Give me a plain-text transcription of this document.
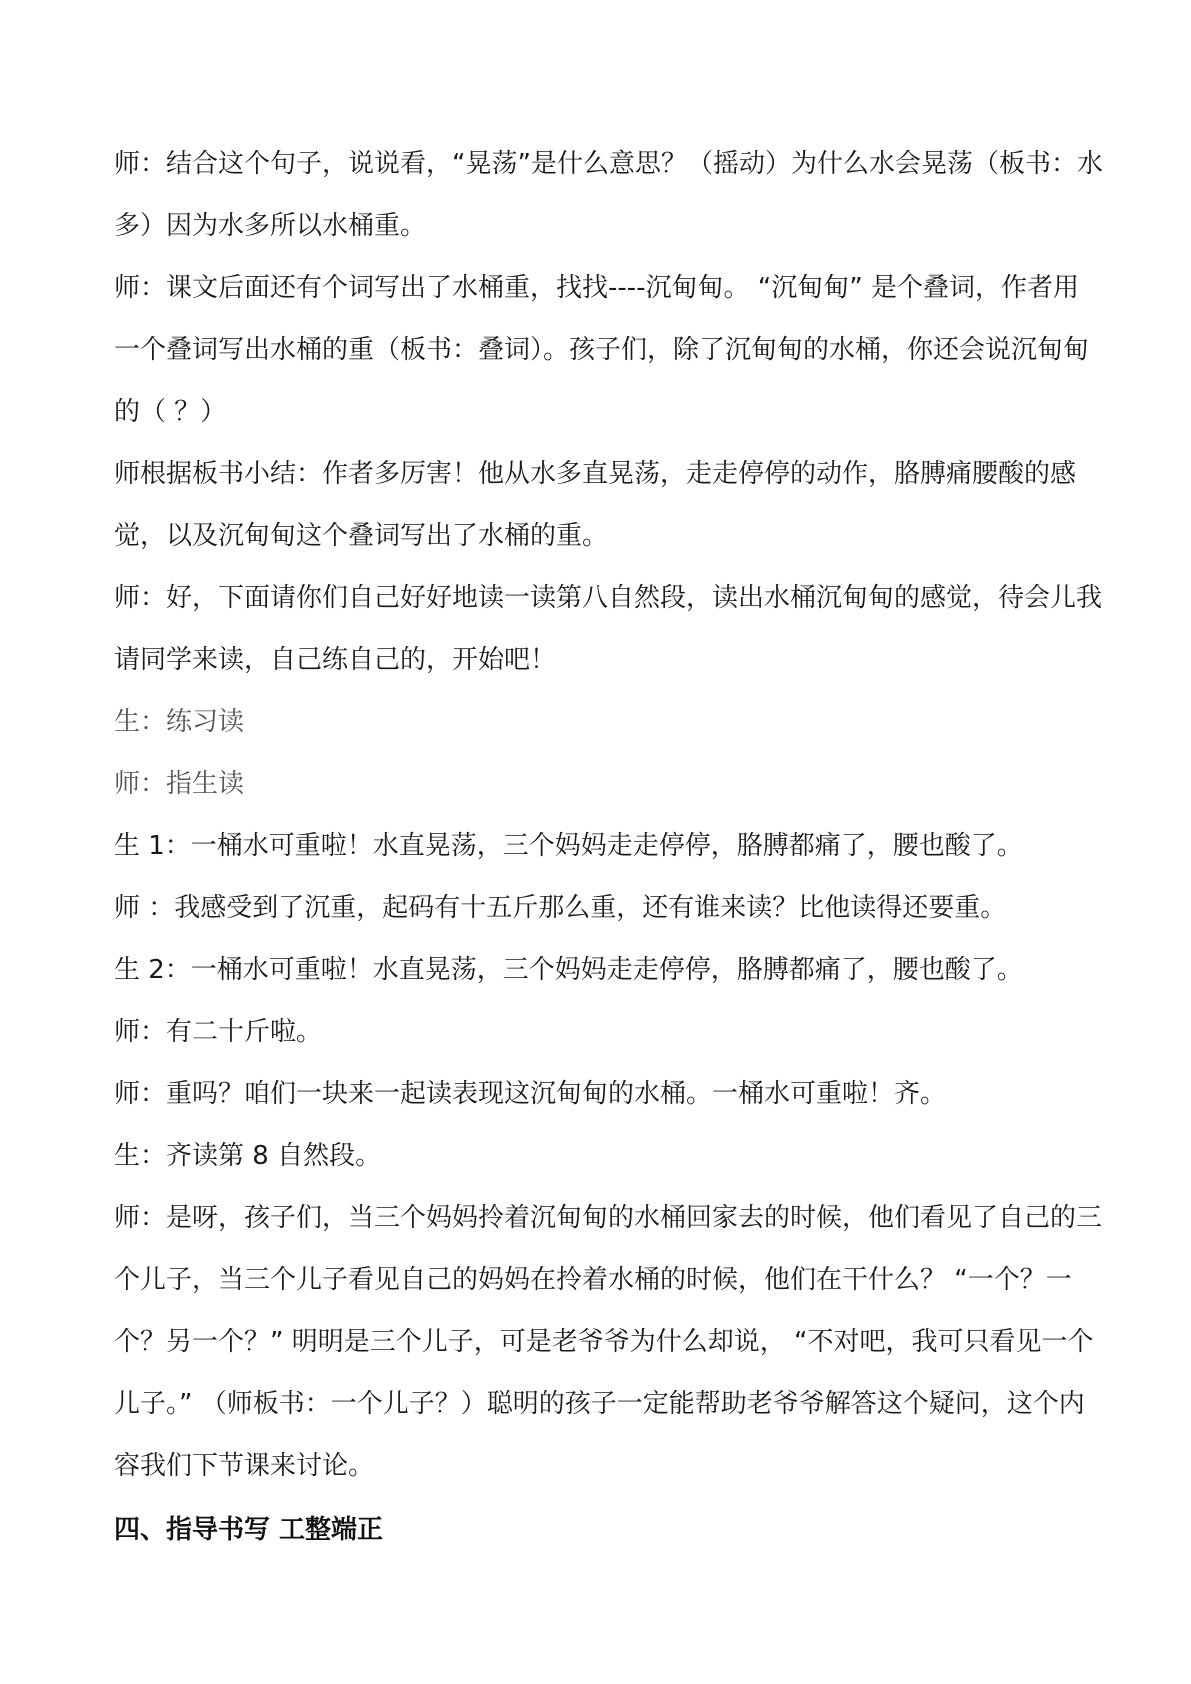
师：结合这个句子，说说看，“晃荡”是什么意思？（摇动）为什么水会晃荡（板书：水多）因为水多所以水桶重。

师：课文后面还有个词写出了水桶重，找找----沉甸甸。 “沉甸甸” 是个叠词，作者用一个叠词写出水桶的重（板书：叠词）。孩子们，除了沉甸甸的水桶，你还会说沉甸甸的（ ？）

师根据板书小结：作者多厉害！他从水多直晃荡，走走停停的动作，胳膊痛腰酸的感觉，以及沉甸甸这个叠词写出了水桶的重。

师：好，下面请你们自己好好地读一读第八自然段，读出水桶沉甸甸的感觉，待会儿我请同学来读，自己练自己的，开始吧！

生：练习读

师：指生读

生 1：一桶水可重啦！水直晃荡，三个妈妈走走停停，胳膊都痛了，腰也酸了。

师 ：我感受到了沉重，起码有十五斤那么重，还有谁来读？比他读得还要重。

生 2：一桶水可重啦！水直晃荡，三个妈妈走走停停，胳膊都痛了，腰也酸了。

师：有二十斤啦。

师：重吗？咱们一块来一起读表现这沉甸甸的水桶。一桶水可重啦！齐。

生：齐读第 8 自然段。

师：是呀，孩子们，当三个妈妈拎着沉甸甸的水桶回家去的时候，他们看见了自己的三个儿子，当三个儿子看见自己的妈妈在拎着水桶的时候，他们在干什么？ “一个？一个？另一个？” 明明是三个儿子，可是老爷爷为什么却说， “不对吧，我可只看见一个儿子。” （师板书：一个儿子？）聪明的孩子一定能帮助老爷爷解答这个疑问，这个内容我们下节课来讨论。

四、指导书写 工整端正
